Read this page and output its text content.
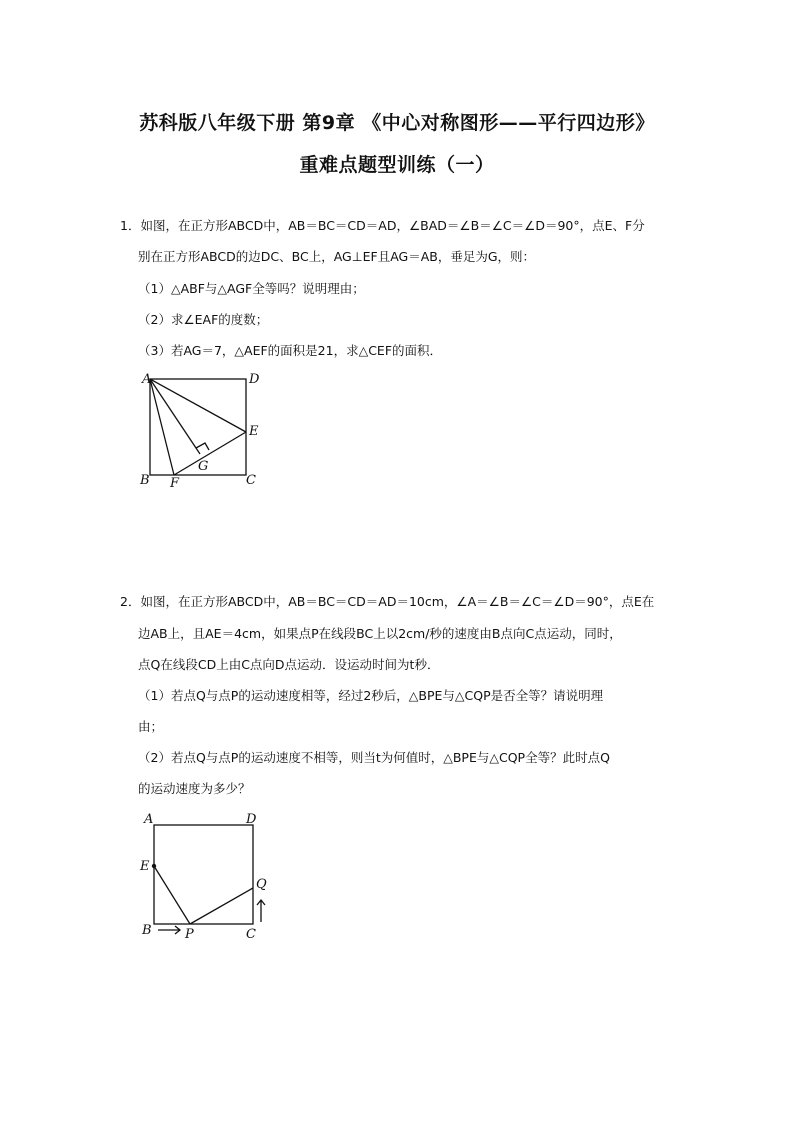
苏科版八年级下册 第9章 《中心对称图形——平行四边形》
重难点题型训练（一）
1．如图，在正方形ABCD中，AB＝BC＝CD＝AD，∠BAD＝∠B＝∠C＝∠D＝90°，点E、F分
别在正方形ABCD的边DC、BC上，AG⊥EF且AG＝AB，垂足为G，则：
（1）△ABF与△AGF全等吗？说明理由；
（2）求∠EAF的度数；
（3）若AG＝7，△AEF的面积是21，求△CEF的面积．
A	D
E
G
B F	C
2．如图，在正方形ABCD中，AB＝BC＝CD＝AD＝10cm，∠A＝∠B＝∠C＝∠D＝90°，点E在
边AB上，且AE＝4cm，如果点P在线段BC上以2cm/秒的速度由B点向C点运动，同时，
点Q在线段CD上由C点向D点运动．设运动时间为t秒．
（1）若点Q与点P的运动速度相等，经过2秒后，△BPE与△CQP是否全等？请说明理
由；
（2）若点Q与点P的运动速度不相等，则当t为何值时，△BPE与△CQP全等？此时点Q
的运动速度为多少？
A	D
E
Q
B	P	C
